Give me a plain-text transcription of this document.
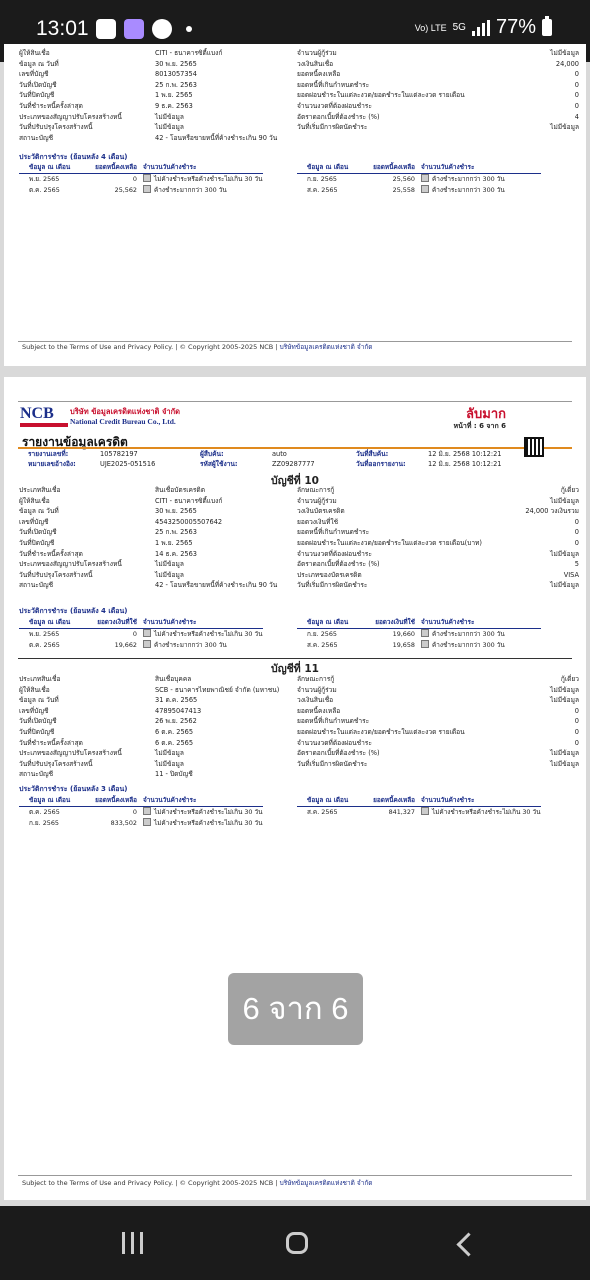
13:01	Vo) LTE 5G 77%
ผู้ให้สินเชื่อ	CITI - ธนาคารซิตี้แบงก์	จำนวนผู้กู้ร่วม	ไม่มีข้อมูล
ข้อมูล ณ วันที่	30 พ.ย. 2565	วงเงินสินเชื่อ	24,000
เลขที่บัญชี	8013057354	ยอดหนี้คงเหลือ	0
วันที่เปิดบัญชี	25 ก.พ. 2563	ยอดหนี้ที่เกินกำหนดชำระ	0
วันที่ปิดบัญชี	1 พ.ย. 2565	ยอดผ่อนชำระในแต่ละงวด/ยอดชำระในแต่ละงวด รายเดือน	0
วันที่ชำระหนี้ครั้งล่าสุด	9 ธ.ค. 2563	จำนวนงวดที่ต้องผ่อนชำระ	0
ประเภทของสัญญาปรับโครงสร้างหนี้	ไม่มีข้อมูล	อัตราดอกเบี้ยที่ต้องชำระ (%)	4
วันที่ปรับปรุงโครงสร้างหนี้	ไม่มีข้อมูล	วันที่เริ่มมีการผิดนัดชำระ	ไม่มีข้อมูล
สถานะบัญชี	42 - โอนหรือขายหนี้ที่ค้างชำระเกิน 90 วัน
ประวัติการชำระ (ย้อนหลัง 4 เดือน)
ข้อมูล ณ เดือน	ยอดหนี้คงเหลือ จำนวนวันค้างชำระ
พ.ย. 2565	0	ไม่ค้างชำระหรือค้างชำระไม่เกิน 30 วัน
ต.ค. 2565	25,562	ค้างชำระมากกว่า 300 วัน
ข้อมูล ณ เดือน	ยอดหนี้คงเหลือ จำนวนวันค้างชำระ
ก.ย. 2565	25,560	ค้างชำระมากกว่า 300 วัน
ส.ค. 2565	25,558	ค้างชำระมากกว่า 300 วัน
Subject to the Terms of Use and Privacy Policy. | © Copyright 2005-2025 NCB | บริษัทข้อมูลเครดิตแห่งชาติ จำกัด
NCB บริษัท ข้อมูลเครดิตแห่งชาติ จำกัด
National Credit Bureau Co., Ltd.	ลับมาก
หน้าที่ : 6 จาก 6
รายงานข้อมูลเครดิต
รายงานเลขที่:	105782197
หมายเลขอ้างอิง:	UJE2025-051516
ผู้สืบค้น:	auto
รหัสผู้ใช้งาน:	ZZ09287777
วันที่สืบค้น:	12 มิ.ย. 2568 10:12:21
วันที่ออกรายงาน:	12 มิ.ย. 2568 10:12:21
บัญชีที่ 10
ประเภทสินเชื่อ	สินเชื่อบัตรเครดิต	ลักษณะการกู้	กู้เดี่ยว
ผู้ให้สินเชื่อ	CITI - ธนาคารซิตี้แบงก์	จำนวนผู้กู้ร่วม	ไม่มีข้อมูล
ข้อมูล ณ วันที่	30 พ.ย. 2565	วงเงินบัตรเครดิต	24,000 วงเงินรวม
เลขที่บัญชี	4543250005507642	ยอดวงเงินที่ใช้	0
วันที่เปิดบัญชี	25 ก.พ. 2563	ยอดหนี้ที่เกินกำหนดชำระ	0
วันที่ปิดบัญชี	1 พ.ย. 2565	ยอดผ่อนชำระในแต่ละงวด/ยอดชำระในแต่ละงวด รายเดือน(บาท)	0
วันที่ชำระหนี้ครั้งล่าสุด	14 ธ.ค. 2563	จำนวนงวดที่ต้องผ่อนชำระ	ไม่มีข้อมูล
ประเภทของสัญญาปรับโครงสร้างหนี้	ไม่มีข้อมูล	อัตราดอกเบี้ยที่ต้องชำระ (%)	5
วันที่ปรับปรุงโครงสร้างหนี้	ไม่มีข้อมูล	ประเภทของบัตรเครดิต	VISA
สถานะบัญชี	42 - โอนหรือขายหนี้ที่ค้างชำระเกิน 90 วัน	วันที่เริ่มมีการผิดนัดชำระ	ไม่มีข้อมูล
ประวัติการชำระ (ย้อนหลัง 4 เดือน)
ข้อมูล ณ เดือน	ยอดวงเงินที่ใช้ จำนวนวันค้างชำระ
พ.ย. 2565	0	ไม่ค้างชำระหรือค้างชำระไม่เกิน 30 วัน
ต.ค. 2565	19,662	ค้างชำระมากกว่า 300 วัน
ข้อมูล ณ เดือน	ยอดวงเงินที่ใช้ จำนวนวันค้างชำระ
ก.ย. 2565	19,660	ค้างชำระมากกว่า 300 วัน
ส.ค. 2565	19,658	ค้างชำระมากกว่า 300 วัน
บัญชีที่ 11
ประเภทสินเชื่อ	สินเชื่อบุคคล	ลักษณะการกู้	กู้เดี่ยว
ผู้ให้สินเชื่อ	SCB - ธนาคารไทยพาณิชย์ จำกัด (มหาชน)	จำนวนผู้กู้ร่วม	ไม่มีข้อมูล
ข้อมูล ณ วันที่	31 ต.ค. 2565	วงเงินสินเชื่อ	ไม่มีข้อมูล
เลขที่บัญชี	47895047413	ยอดหนี้คงเหลือ	0
วันที่เปิดบัญชี	26 พ.ย. 2562	ยอดหนี้ที่เกินกำหนดชำระ	0
วันที่ปิดบัญชี	6 ต.ค. 2565	ยอดผ่อนชำระในแต่ละงวด/ยอดชำระในแต่ละงวด รายเดือน	0
วันที่ชำระหนี้ครั้งล่าสุด	6 ต.ค. 2565	จำนวนงวดที่ต้องผ่อนชำระ	0
ประเภทของสัญญาปรับโครงสร้างหนี้	ไม่มีข้อมูล	อัตราดอกเบี้ยที่ต้องชำระ (%)	ไม่มีข้อมูล
วันที่ปรับปรุงโครงสร้างหนี้	ไม่มีข้อมูล	วันที่เริ่มมีการผิดนัดชำระ	ไม่มีข้อมูล
สถานะบัญชี	11 - ปิดบัญชี
ประวัติการชำระ (ย้อนหลัง 3 เดือน)
ข้อมูล ณ เดือน	ยอดหนี้คงเหลือ จำนวนวันค้างชำระ
ต.ค. 2565	0	ไม่ค้างชำระหรือค้างชำระไม่เกิน 30 วัน
ก.ย. 2565	833,502	ไม่ค้างชำระหรือค้างชำระไม่เกิน 30 วัน
ข้อมูล ณ เดือน	ยอดหนี้คงเหลือ จำนวนวันค้างชำระ
ส.ค. 2565	841,327	ไม่ค้างชำระหรือค้างชำระไม่เกิน 30 วัน
Subject to the Terms of Use and Privacy Policy. | © Copyright 2005-2025 NCB | บริษัทข้อมูลเครดิตแห่งชาติ จำกัด
6 จาก 6
